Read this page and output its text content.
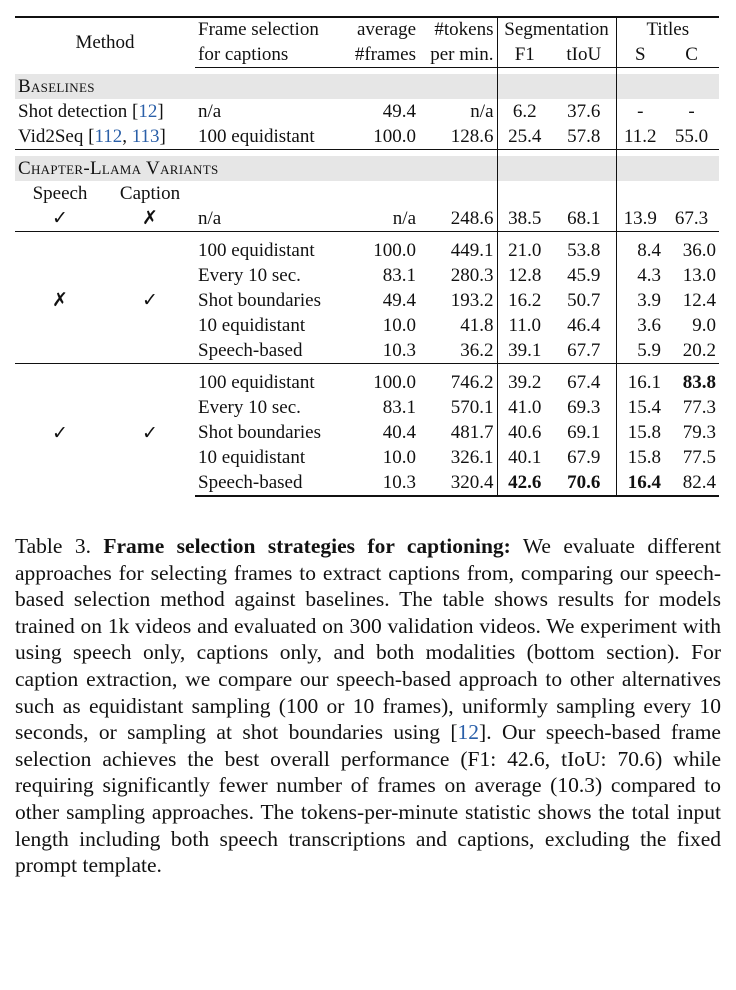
Method		Frame selection	average	#tokens	Segmentation		Titles	
		for captions	#frames	per min.	F1	tIoU	S	C

Baselines								
Shot detection [12]		n/a	49.4	n/a	6.2	37.6	-	-
Vid2Seq [112, 113]		100 equidistant	100.0	128.6	25.4	57.8	11.2	55.0

Chapter-Llama Variants								
Speech	Caption							
✓	✗	n/a	n/a	248.6	38.5	68.1	13.9	67.3

✗	✓	100 equidistant	100.0	449.1	21.0	53.8	8.4	36.0
		Every 10 sec.	83.1	280.3	12.8	45.9	4.3	13.0
		Shot boundaries	49.4	193.2	16.2	50.7	3.9	12.4
		10 equidistant	10.0	41.8	11.0	46.4	3.6	9.0
		Speech-based	10.3	36.2	39.1	67.7	5.9	20.2

✓	✓	100 equidistant	100.0	746.2	39.2	67.4	16.1	83.8
		Every 10 sec.	83.1	570.1	41.0	69.3	15.4	77.3
		Shot boundaries	40.4	481.7	40.6	69.1	15.8	79.3
		10 equidistant	10.0	326.1	40.1	67.9	15.8	77.5
		Speech-based	10.3	320.4	42.6	70.6	16.4	82.4
Table 3. Frame selection strategies for captioning: We evaluate different approaches for selecting frames to extract captions from, comparing our speech-based selection method against baselines. The table shows results for models trained on 1k videos and evaluated on 300 validation videos. We experiment with using speech only, captions only, and both modalities (bottom section). For caption extraction, we compare our speech-based approach to other alternatives such as equidistant sampling (100 or 10 frames), uniformly sampling every 10 seconds, or sampling at shot boundaries using [12]. Our speech-based frame selection achieves the best overall performance (F1: 42.6, tIoU: 70.6) while requiring significantly fewer number of frames on average (10.3) compared to other sampling approaches. The tokens-per-minute statistic shows the total input length including both speech transcriptions and captions, excluding the fixed prompt template.
